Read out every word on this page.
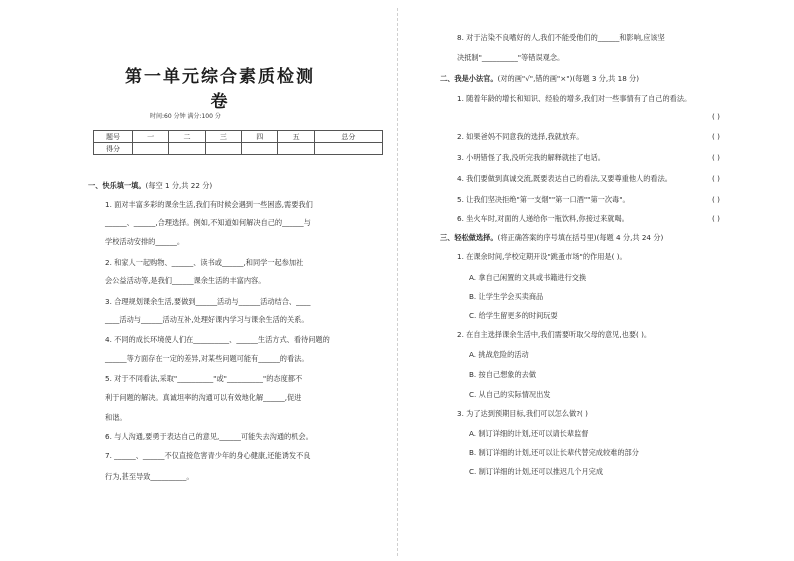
第一单元综合素质检测卷
时间:60 分钟 满分:100 分
题号	一	二	三	四	五	总分
得分						
一、快乐填一填。(每空 1 分,共 22 分)
1. 面对丰富多彩的课余生活,我们有时候会遇到一些困惑,需要我们
______、______,合理选择。例如,不知道如何解决自己的______与
学校活动安排的______。
2. 和家人一起购物、______、读书或______,和同学一起参加社
会公益活动等,是我们______课余生活的丰富内容。
3. 合理规划课余生活,要做到______活动与______活动结合、____
____活动与______活动互补,处理好课内学习与课余生活的关系。
4. 不同的成长环境使人们在__________、______生活方式、看待问题的
______等方面存在一定的差异,对某些问题可能有______的看法。
5. 对于不同看法,采取"__________"或"__________"的态度都不
利于问题的解决。真诚坦率的沟通可以有效地化解______,促进
和谐。
6. 与人沟通,要勇于表达自己的意见,______可能失去沟通的机会。
7. ______、______不仅直接危害青少年的身心健康,还能诱发不良
行为,甚至导致__________。
8. 对于沾染不良嗜好的人,我们不能受他们的______和影响,应该坚
决抵制"__________"等错误观念。
二、我是小法官。(对的画"√",错的画"×")(每题 3 分,共 18 分)
1. 随着年龄的增长和知识、经验的增多,我们对一些事情有了自己的看法。
2. 如果爸妈不同意我的选择,我就放弃。
3. 小明错怪了我,没听完我的解释就挂了电话。
4. 我们要做到真诚交流,既要表达自己的看法,又要尊重他人的看法。
5. 让我们坚决拒绝"第一支烟""第一口酒""第一次毒"。
6. 坐火车时,对面的人递给你一瓶饮料,你接过来就喝。
三、轻松做选择。(将正确答案的序号填在括号里)(每题 4 分,共 24 分)
1. 在课余时间,学校定期开设"跳蚤市场"的作用是( )。
A. 拿自己闲置的文具或书籍进行交换
B. 让学生学会买卖商品
C. 给学生留更多的时间玩耍
2. 在自主选择课余生活中,我们需要听取父母的意见,也要( )。
A. 挑战危险的活动
B. 按自己想象的去做
C. 从自己的实际情况出发
3. 为了达到预期目标,我们可以怎么做?( )
A. 制订详细的计划,还可以请长辈监督
B. 制订详细的计划,还可以让长辈代替完成较难的部分
C. 制订详细的计划,还可以推迟几个月完成
( )
( )
( )
( )
( )
( )
